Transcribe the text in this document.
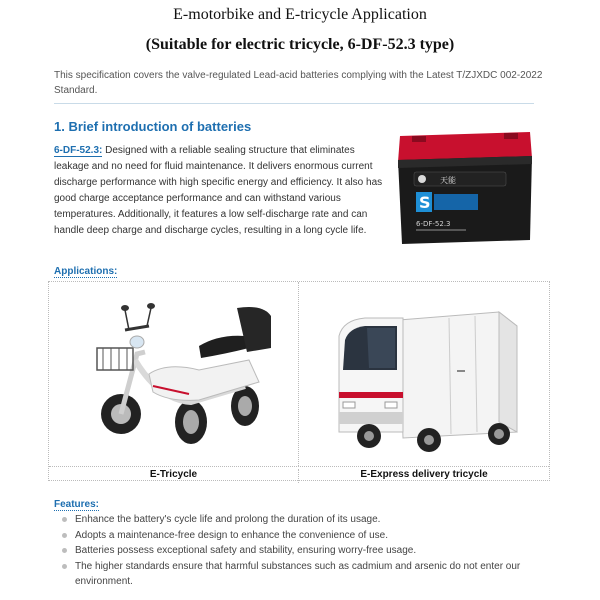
E-motorbike and E-tricycle Application
(Suitable for electric tricycle, 6-DF-52.3 type)

This specification covers the valve-regulated Lead-acid batteries complying with the Latest T/ZJXDC 002-2022 Standard.

1. Brief introduction of batteries

6-DF-52.3: Designed with a reliable sealing structure that eliminates leakage and no need for fluid maintenance. It delivers enormous current discharge performance with high specific energy and efficiency. It also has good charge acceptance performance and can withstand various temperatures. Additionally, it features a low self-discharge rate and can handle deep charge and discharge cycles, resulting in a long cycle life.

天能
S
6-DF-52.3
Applications:
E-Tricycle	E-Express delivery tricycle
Features:
Enhance the battery's cycle life and prolong the duration of its usage.
Adopts a maintenance-free design to enhance the convenience of use.
Batteries possess exceptional safety and stability, ensuring worry-free usage.
The higher standards ensure that harmful substances such as cadmium and arsenic do not enter our environment.
